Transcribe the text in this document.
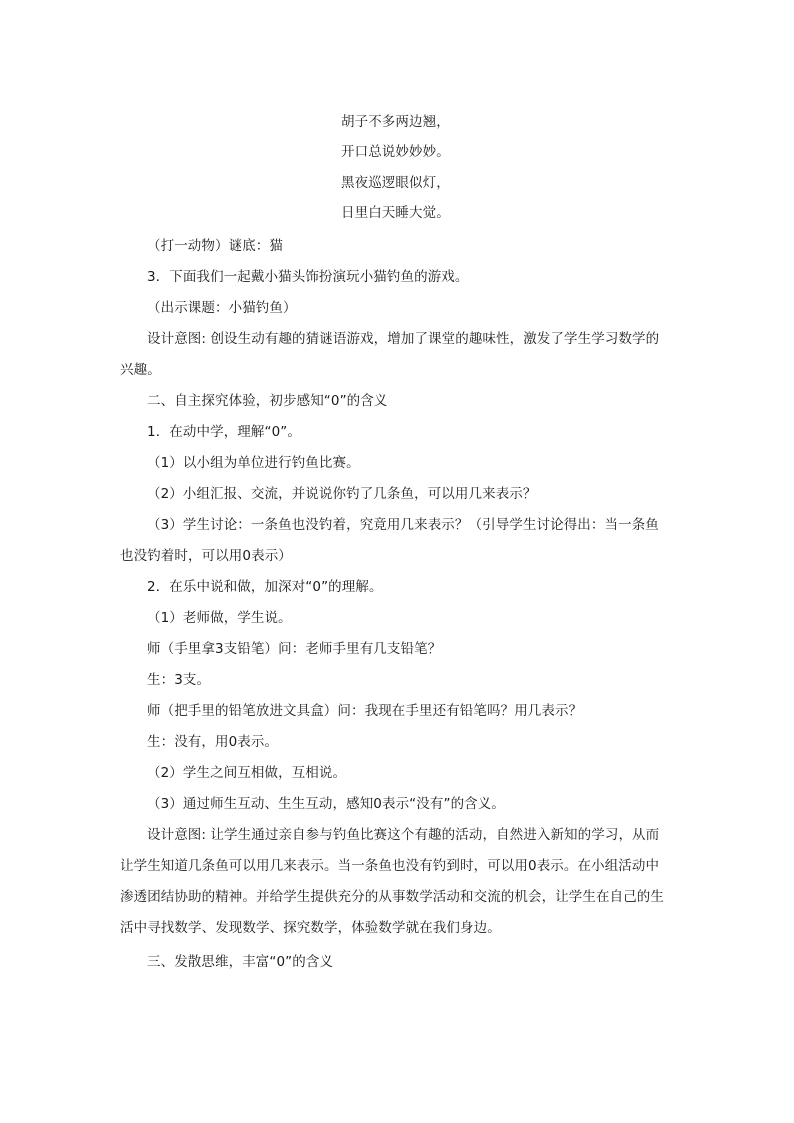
胡子不多两边翘，
开口总说妙妙妙。
黑夜巡逻眼似灯，
日里白天睡大觉。
（打一动物）谜底：猫
3．下面我们一起戴小猫头饰扮演玩小猫钓鱼的游戏。
（出示课题：小猫钓鱼）
设计意图: 创设生动有趣的猜谜语游戏，增加了课堂的趣味性，激发了学生学习数学的
兴趣。
二、自主探究体验，初步感知“0”的含义
1．在动中学，理解“0”。
（1）以小组为单位进行钓鱼比赛。
（2）小组汇报、交流，并说说你钓了几条鱼，可以用几来表示？
（3）学生讨论：一条鱼也没钓着，究竟用几来表示？（引导学生讨论得出：当一条鱼
也没钓着时，可以用0表示）
2．在乐中说和做，加深对“0”的理解。
（1）老师做，学生说。
师（手里拿3支铅笔）问：老师手里有几支铅笔？
生：3支。
师（把手里的铅笔放进文具盒）问：我现在手里还有铅笔吗？用几表示？
生：没有，用0表示。
（2）学生之间互相做，互相说。
（3）通过师生互动、生生互动，感知0表示“没有”的含义。
设计意图: 让学生通过亲自参与钓鱼比赛这个有趣的活动，自然进入新知的学习，从而
让学生知道几条鱼可以用几来表示。当一条鱼也没有钓到时，可以用0表示。在小组活动中
渗透团结协助的精神。并给学生提供充分的从事数学活动和交流的机会，让学生在自己的生
活中寻找数学、发现数学、探究数学，体验数学就在我们身边。
三、发散思维，丰富“0”的含义
